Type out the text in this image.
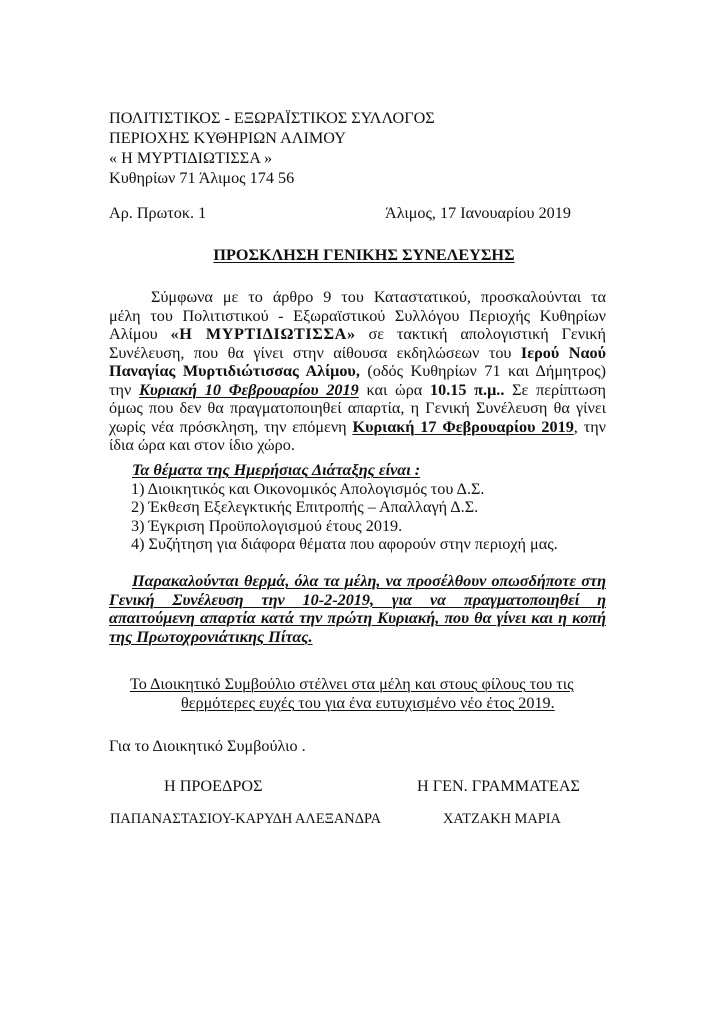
ΠΟΛΙΤΙΣΤΙΚΟΣ - ΕΞΩΡΑΪΣΤΙΚΟΣ ΣΥΛΛΟΓΟΣ
ΠΕΡΙΟΧΗΣ ΚΥΘΗΡΙΩΝ ΑΛΙΜΟΥ
« Η ΜΥΡΤΙΔΙΩΤΙΣΣΑ »
Κυθηρίων 71 Άλιμος 174 56
Αρ. Πρωτοκ. 1	Άλιμος, 17 Ιανουαρίου 2019
ΠΡΟΣΚΛΗΣΗ ΓΕΝΙΚΗΣ ΣΥΝΕΛΕΥΣΗΣ
Σύμφωνα με το άρθρο 9 του Καταστατικού, προσκαλούνται τα
μέλη του Πολιτιστικού - Εξωραϊστικού Συλλόγου Περιοχής Κυθηρίων
Αλίμου «Η ΜΥΡΤΙΔΙΩΤΙΣΣΑ» σε τακτική απολογιστική Γενική
Συνέλευση, που θα γίνει στην αίθουσα εκδηλώσεων του Ιερού Ναού
Παναγίας Μυρτιδιώτισσας Αλίμου, (οδός Κυθηρίων 71 και Δήμητρος)
την Κυριακή 10 Φεβρουαρίου 2019 και ώρα 10.15 π.μ.. Σε περίπτωση
όμως που δεν θα πραγματοποιηθεί απαρτία, η Γενική Συνέλευση θα γίνει
χωρίς νέα πρόσκληση, την επόμενη Κυριακή 17 Φεβρουαρίου 2019, την
ίδια ώρα και στον ίδιο χώρο.
Τα θέματα της Ημερήσιας Διάταξης είναι :
1) Διοικητικός και Οικονομικός Απολογισμός του Δ.Σ.
2) Έκθεση Εξελεγκτικής Επιτροπής – Απαλλαγή Δ.Σ.
3) Έγκριση Προϋπολογισμού έτους 2019.
4) Συζήτηση για διάφορα θέματα που αφορούν στην περιοχή μας.
Παρακαλούνται θερμά, όλα τα μέλη, να προσέλθουν οπωσδήποτε στη
Γενική Συνέλευση την 10-2-2019, για να πραγματοποιηθεί η
απαιτούμενη απαρτία κατά την πρώτη Κυριακή, που θα γίνει και η κοπή
της Πρωτοχρονιάτικης Πίτας.
Το Διοικητικό Συμβούλιο στέλνει στα μέλη και στους φίλους του τις
θερμότερες ευχές του για ένα ευτυχισμένο νέο έτος 2019.
Για το Διοικητικό Συμβούλιο .
Η ΠΡΟΕΔΡΟΣ	Η ΓΕΝ. ΓΡΑΜΜΑΤΕΑΣ
ΠΑΠΑΝΑΣΤΑΣΙΟΥ-ΚΑΡΥΔΗ ΑΛΕΞΑΝΔΡΑ	ΧΑΤΖΑΚΗ ΜΑΡΙΑ
